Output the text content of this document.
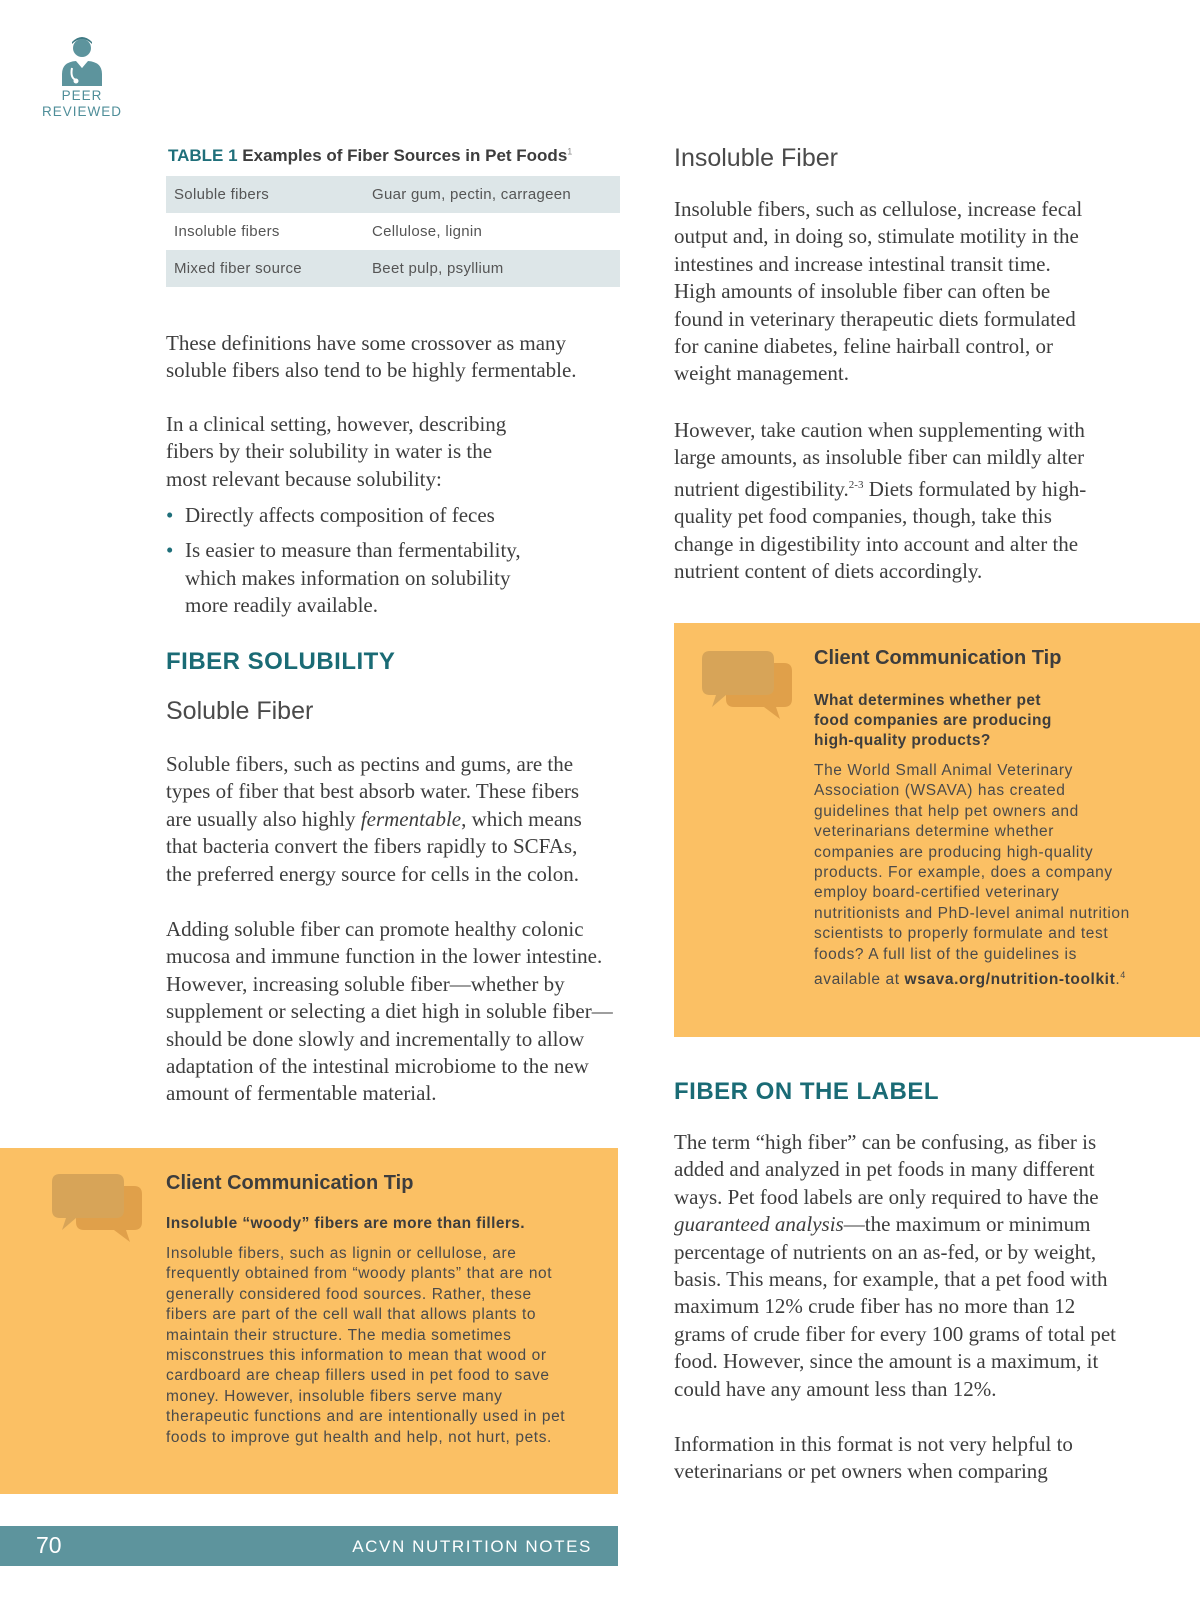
PEER
REVIEWED

TABLE 1 Examples of Fiber Sources in Pet Foods$^1$

Soluble fibers	Guar gum, pectin, carrageen
Insoluble fibers	Cellulose, lignin
Mixed fiber source	Beet pulp, psyllium

These definitions have some crossover as many soluble fibers also tend to be highly fermentable.

In a clinical setting, however, describing fibers by their solubility in water is the most relevant because solubility:

• Directly affects composition of feces
• Is easier to measure than fermentability, which makes information on solubility more readily available.
FIBER SOLUBILITY
Soluble Fiber

Soluble fibers, such as pectins and gums, are the types of fiber that best absorb water. These fibers are usually also highly fermentable, which means that bacteria convert the fibers rapidly to SCFAs, the preferred energy source for cells in the colon.

Adding soluble fiber can promote healthy colonic mucosa and immune function in the lower intestine. However, increasing soluble fiber—whether by supplement or selecting a diet high in soluble fiber—should be done slowly and incrementally to allow adaptation of the intestinal microbiome to the new amount of fermentable material.

Client Communication Tip

Insoluble “woody” fibers are more than fillers.

Insoluble fibers, such as lignin or cellulose, are frequently obtained from “woody plants” that are not generally considered food sources. Rather, these fibers are part of the cell wall that allows plants to maintain their structure. The media sometimes misconstrues this information to mean that wood or cardboard are cheap fillers used in pet food to save money. However, insoluble fibers serve many therapeutic functions and are intentionally used in pet foods to improve gut health and help, not hurt, pets.

Insoluble Fiber

Insoluble fibers, such as cellulose, increase fecal output and, in doing so, stimulate motility in the intestines and increase intestinal transit time. High amounts of insoluble fiber can often be found in veterinary therapeutic diets formulated for canine diabetes, feline hairball control, or weight management.

However, take caution when supplementing with large amounts, as insoluble fiber can mildly alter nutrient digestibility.$^{2-3}$ Diets formulated by high-quality pet food companies, though, take this change in digestibility into account and alter the nutrient content of diets accordingly.

Client Communication Tip

What determines whether pet food companies are producing high-quality products?

The World Small Animal Veterinary Association (WSAVA) has created guidelines that help pet owners and veterinarians determine whether companies are producing high-quality products. For example, does a company employ board-certified veterinary nutritionists and PhD-level animal nutrition scientists to properly formulate and test foods? A full list of the guidelines is available at wsava.org/nutrition-toolkit.$^4$

FIBER ON THE LABEL

The term “high fiber” can be confusing, as fiber is added and analyzed in pet foods in many different ways. Pet food labels are only required to have the guaranteed analysis—the maximum or minimum percentage of nutrients on an as-fed, or by weight, basis. This means, for example, that a pet food with maximum 12% crude fiber has no more than 12 grams of crude fiber for every 100 grams of total pet food. However, since the amount is a maximum, it could have any amount less than 12%.

Information in this format is not very helpful to veterinarians or pet owners when comparing

70	ACVN NUTRITION NOTES
